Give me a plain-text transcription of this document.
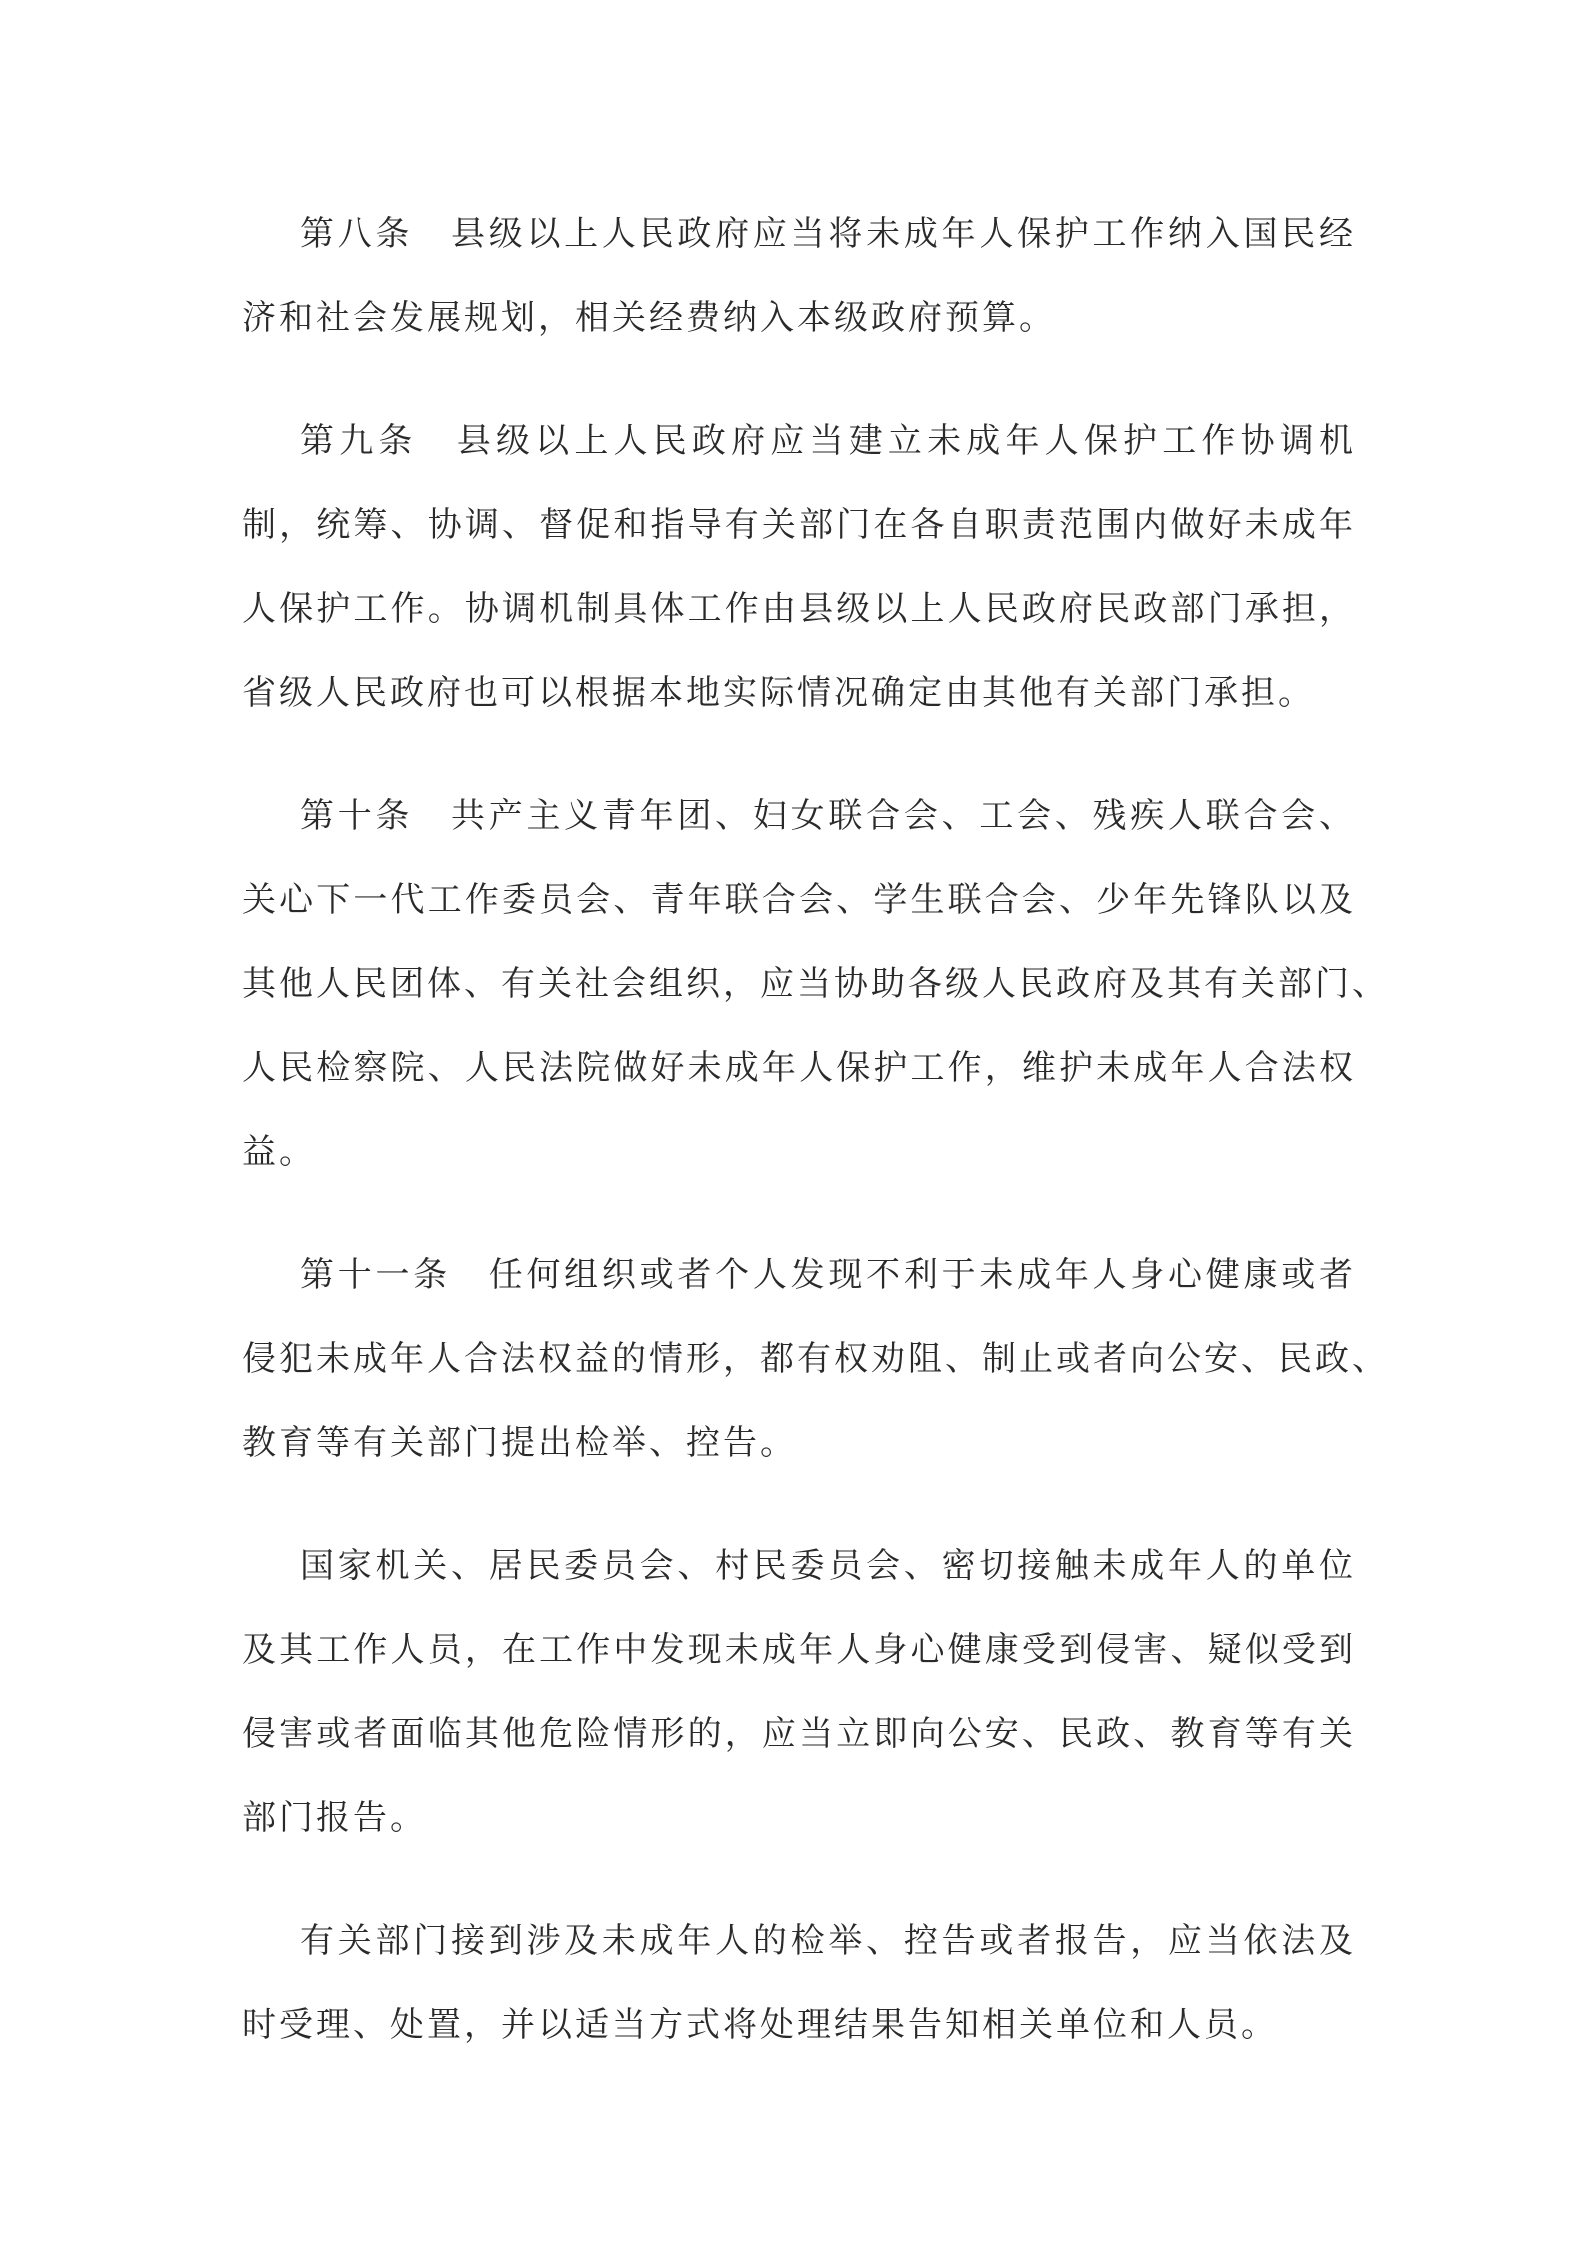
第八条　县级以上人民政府应当将未成年人保护工作纳入国民经
济和社会发展规划，相关经费纳入本级政府预算。
第九条　县级以上人民政府应当建立未成年人保护工作协调机
制，统筹、协调、督促和指导有关部门在各自职责范围内做好未成年
人保护工作。协调机制具体工作由县级以上人民政府民政部门承担，
省级人民政府也可以根据本地实际情况确定由其他有关部门承担。
第十条　共产主义青年团、妇女联合会、工会、残疾人联合会、
关心下一代工作委员会、青年联合会、学生联合会、少年先锋队以及
其他人民团体、有关社会组织，应当协助各级人民政府及其有关部门、
人民检察院、人民法院做好未成年人保护工作，维护未成年人合法权
益。
第十一条　任何组织或者个人发现不利于未成年人身心健康或者
侵犯未成年人合法权益的情形，都有权劝阻、制止或者向公安、民政、
教育等有关部门提出检举、控告。
国家机关、居民委员会、村民委员会、密切接触未成年人的单位
及其工作人员，在工作中发现未成年人身心健康受到侵害、疑似受到
侵害或者面临其他危险情形的，应当立即向公安、民政、教育等有关
部门报告。
有关部门接到涉及未成年人的检举、控告或者报告，应当依法及
时受理、处置，并以适当方式将处理结果告知相关单位和人员。
